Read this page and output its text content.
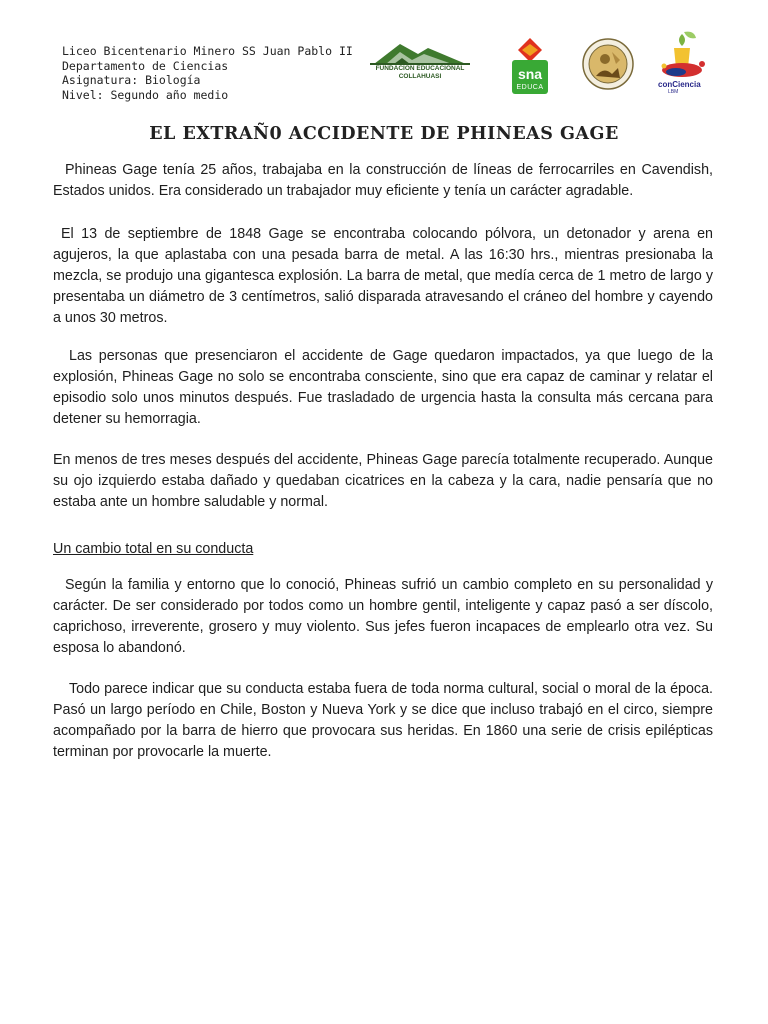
Liceo Bicentenario Minero SS Juan Pablo II
Departamento de Ciencias
Asignatura: Biología
Nivel: Segundo año medio
FUNDACION EDUCACIONAL COLLAHUASI	sna
EDUCA	conCiencia
LBM
EL EXTRAÑ0 ACCIDENTE DE PHINEAS GAGE
Phineas Gage tenía 25 años, trabajaba en la construcción de líneas de ferrocarriles en Cavendish, Estados unidos. Era considerado un trabajador muy eficiente y tenía un carácter agradable.
El 13 de septiembre de 1848 Gage se encontraba colocando pólvora, un detonador y arena en agujeros, la que aplastaba con una pesada barra de metal. A las 16:30 hrs., mientras presionaba la mezcla, se produjo una gigantesca explosión. La barra de metal, que medía cerca de 1 metro de largo y presentaba un diámetro de 3 centímetros, salió disparada atravesando el cráneo del hombre y cayendo a unos 30 metros.
Las personas que presenciaron el accidente de Gage quedaron impactados, ya que luego de la explosión, Phineas Gage no solo se encontraba consciente, sino que era capaz de caminar y relatar el episodio solo unos minutos después. Fue trasladado de urgencia hasta la consulta más cercana para detener su hemorragia.
En menos de tres meses después del accidente, Phineas Gage parecía totalmente recuperado. Aunque su ojo izquierdo estaba dañado y quedaban cicatrices en la cabeza y la cara, nadie pensaría que no estaba ante un hombre saludable y normal.
Un cambio total en su conducta
Según la familia y entorno que lo conoció, Phineas sufrió un cambio completo en su personalidad y carácter. De ser considerado por todos como un hombre gentil, inteligente y capaz pasó a ser díscolo, caprichoso, irreverente, grosero y muy violento. Sus jefes fueron incapaces de emplearlo otra vez. Su esposa lo abandonó.
Todo parece indicar que su conducta estaba fuera de toda norma cultural, social o moral de la época. Pasó un largo período en Chile, Boston y Nueva York y se dice que incluso trabajó en el circo, siempre acompañado por la barra de hierro que provocara sus heridas. En 1860 una serie de crisis epilépticas terminan por provocarle la muerte.
